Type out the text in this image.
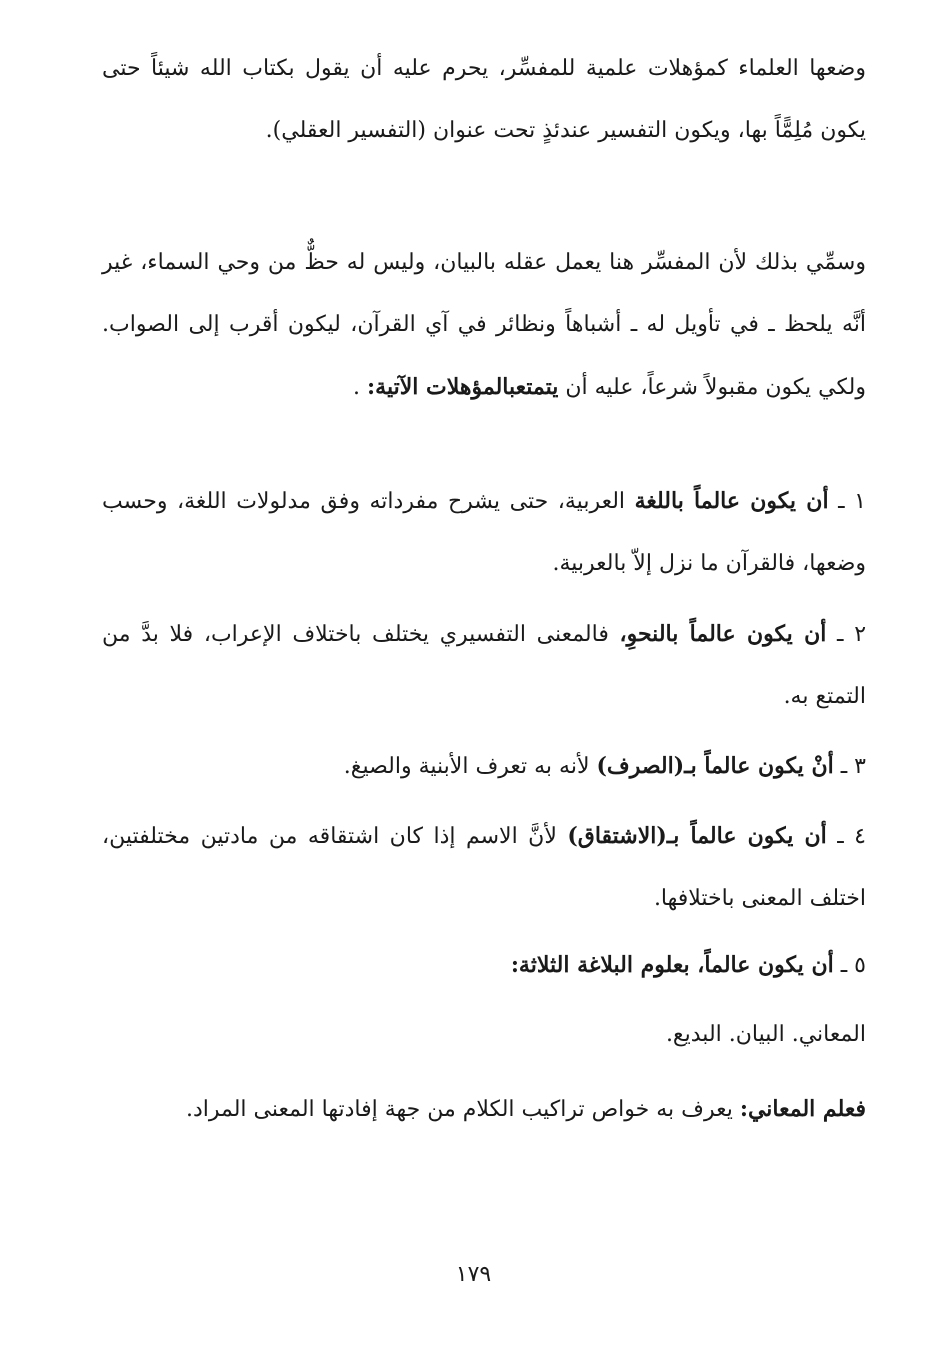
وضعها العلماء كمؤهلات علمية للمفسِّر، يحرم عليه أن يقول بكتاب الله شيئاً حتى يكون مُلِمًّاً بها، ويكون التفسير عندئذٍ تحت عنوان (التفسير العقلي).

وسمِّي بذلك لأن المفسِّر هنا يعمل عقله بالبيان، وليس له حظٌّ من وحي السماء، غير أنَّه يلحظ ـ في تأويل له ـ أشباهاً ونظائر في آي القرآن، ليكون أقرب إلى الصواب. ولكي يكون مقبولاً شرعاً، عليه أن يتمتعبالمؤهلات الآتية: .

١ ـ أن يكون عالماً باللغة العربية، حتى يشرح مفرداته وفق مدلولات اللغة، وحسب وضعها، فالقرآن ما نزل إلاّ بالعربية.

٢ ـ أن يكون عالماً بالنحوِ، فالمعنى التفسيري يختلف باختلاف الإعراب، فلا بدَّ من التمتع به.

٣ ـ أنْ يكون عالماً بـ(الصرف) لأنه به تعرف الأبنية والصيغ.

٤ ـ أن يكون عالماً بـ(الاشتقاق) لأنَّ الاسم إذا كان اشتقاقه من مادتين مختلفتين، اختلف المعنى باختلافها.

٥ ـ أن يكون عالماً، بعلوم البلاغة الثلاثة:

المعاني. البيان. البديع.

فعلم المعاني: يعرف به خواص تراكيب الكلام من جهة إفادتها المعنى المراد.

١٧٩
